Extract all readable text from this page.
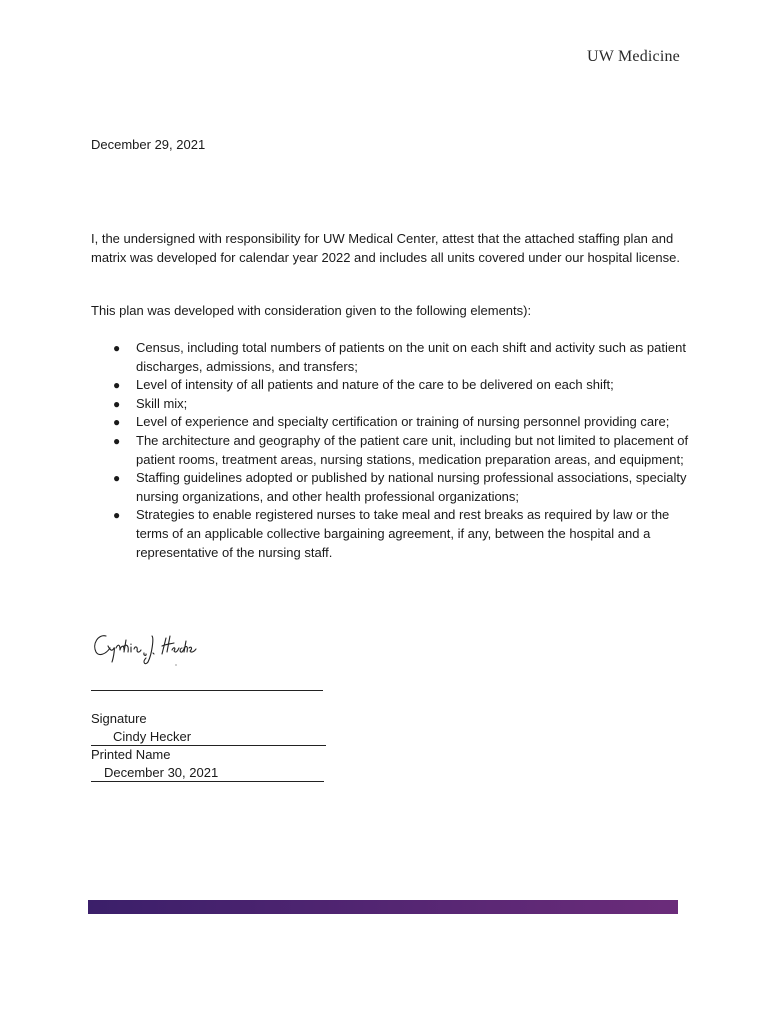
UW Medicine
December 29, 2021
I, the undersigned with responsibility for UW Medical Center, attest that the attached staffing plan and matrix was developed for calendar year 2022 and includes all units covered under our hospital license.
This plan was developed with consideration given to the following elements):
● Census, including total numbers of patients on the unit on each shift and activity such as patient discharges, admissions, and transfers;
● Level of intensity of all patients and nature of the care to be delivered on each shift;
● Skill mix;
● Level of experience and specialty certification or training of nursing personnel providing care;
● The architecture and geography of the patient care unit, including but not limited to placement of patient rooms, treatment areas, nursing stations, medication preparation areas, and equipment;
● Staffing guidelines adopted or published by national nursing professional associations, specialty nursing organizations, and other health professional organizations;
● Strategies to enable registered nurses to take meal and rest breaks as required by law or the terms of an applicable collective bargaining agreement, if any, between the hospital and a representative of the nursing staff.
Signature
Cindy Hecker
Printed Name
December 30, 2021
